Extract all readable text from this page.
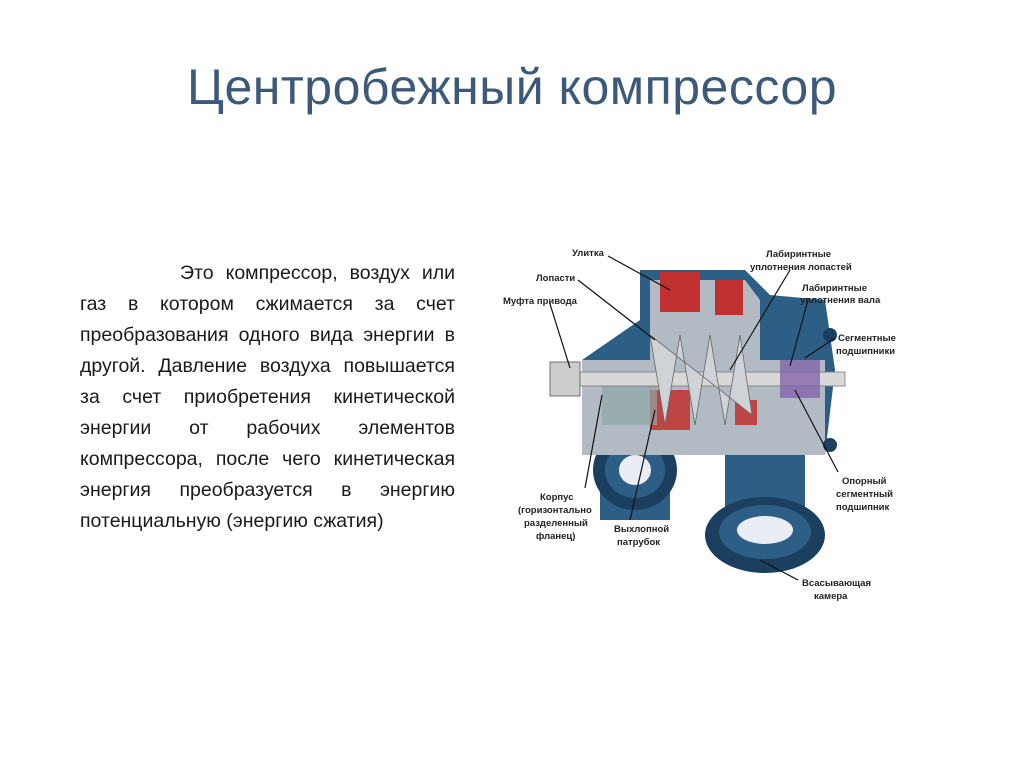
Центробежный компрессор
Это компрессор, воздух или газ в котором сжимается за счет преобразования одного вида энергии в другой. Давление воздуха повышается за счет приобретения кинетической энергии от рабочих элементов компрессора, после чего кинетическая энергия преобразуется в энергию потенциальную (энергию сжатия)
Улитка
Лопасти
Муфта привода
Лабиринтные
уплотнения лопастей
Лабиринтные
уплотнения вала
Сегментные
подшипники
Корпус
(горизонтально
разделенный
фланец)
Выхлопной
патрубок
Опорный
сегментный
подшипник
Всасывающая
камера
